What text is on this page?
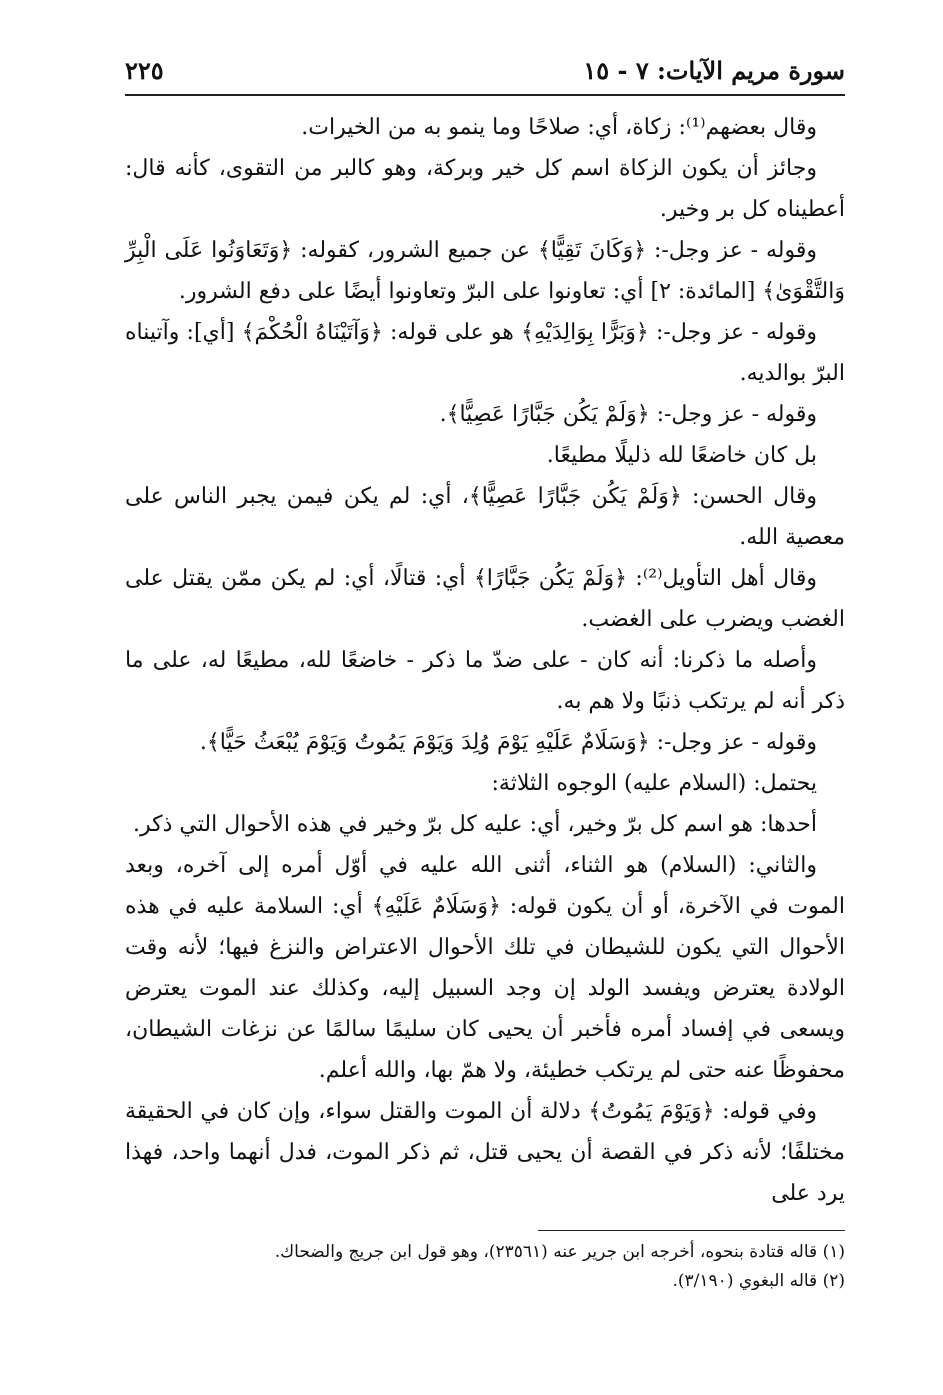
سورة مريم الآيات: ٧ - ١٥
٢٢٥

وقال بعضهم⁽¹⁾: زكاة، أي: صلاحًا وما ينمو به من الخيرات.

وجائز أن يكون الزكاة اسم كل خير وبركة، وهو كالبر من التقوى، كأنه قال: أعطيناه كل بر وخير.

وقوله - عز وجل-: ﴿وَكَانَ تَقِيًّا﴾ عن جميع الشرور، كقوله: ﴿وَتَعَاوَنُوا عَلَى الْبِرِّ وَالتَّقْوَىٰ﴾ [المائدة: ٢] أي: تعاونوا على البرّ وتعاونوا أيضًا على دفع الشرور.

وقوله - عز وجل-: ﴿وَبَرًّا بِوَالِدَيْهِ﴾ هو على قوله: ﴿وَآتَيْنَاهُ الْحُكْمَ﴾ [أي]: وآتيناه البرّ بوالديه.

وقوله - عز وجل-: ﴿وَلَمْ يَكُن جَبَّارًا عَصِيًّا﴾.

بل كان خاضعًا لله ذليلًا مطيعًا.

وقال الحسن: ﴿وَلَمْ يَكُن جَبَّارًا عَصِيًّا﴾، أي: لم يكن فيمن يجبر الناس على معصية الله.

وقال أهل التأويل⁽²⁾: ﴿وَلَمْ يَكُن جَبَّارًا﴾ أي: قتالًا، أي: لم يكن ممّن يقتل على الغضب ويضرب على الغضب.

وأصله ما ذكرنا: أنه كان - على ضدّ ما ذكر - خاضعًا لله، مطيعًا له، على ما ذكر أنه لم يرتكب ذنبًا ولا هم به.

وقوله - عز وجل-: ﴿وَسَلَامٌ عَلَيْهِ يَوْمَ وُلِدَ وَيَوْمَ يَمُوتُ وَيَوْمَ يُبْعَثُ حَيًّا﴾.

يحتمل: (السلام عليه) الوجوه الثلاثة:

أحدها: هو اسم كل برّ وخير، أي: عليه كل برّ وخير في هذه الأحوال التي ذكر.

والثاني: (السلام) هو الثناء، أثنى الله عليه في أوّل أمره إلى آخره، وبعد الموت في الآخرة، أو أن يكون قوله: ﴿وَسَلَامٌ عَلَيْهِ﴾ أي: السلامة عليه في هذه الأحوال التي يكون للشيطان في تلك الأحوال الاعتراض والنزغ فيها؛ لأنه وقت الولادة يعترض ويفسد الولد إن وجد السبيل إليه، وكذلك عند الموت يعترض ويسعى في إفساد أمره فأخبر أن يحيى كان سليمًا سالمًا عن نزغات الشيطان، محفوظًا عنه حتى لم يرتكب خطيئة، ولا همّ بها، والله أعلم.

وفي قوله: ﴿وَيَوْمَ يَمُوتُ﴾ دلالة أن الموت والقتل سواء، وإن كان في الحقيقة مختلفًا؛ لأنه ذكر في القصة أن يحيى قتل، ثم ذكر الموت، فدل أنهما واحد، فهذا يرد على

(١) قاله قتادة بنحوه، أخرجه ابن جرير عنه (٢٣٥٦١)، وهو قول ابن جريج والضحاك.

(٢) قاله البغوي (٣/١٩٠).
